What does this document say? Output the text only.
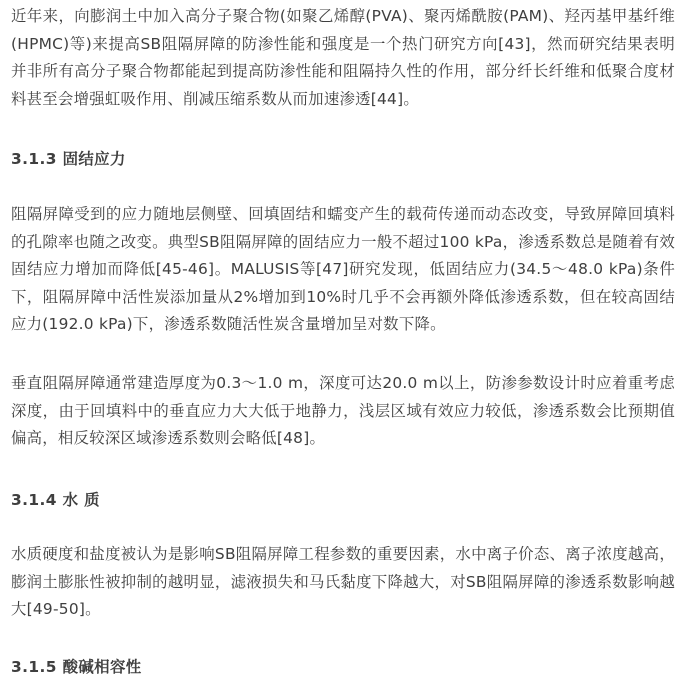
近年来，向膨润土中加入高分子聚合物(如聚乙烯醇(PVA)、聚丙烯酰胺(PAM)、羟丙基甲基纤维(HPMC)等)来提高SB阻隔屏障的防渗性能和强度是一个热门研究方向[43]，然而研究结果表明并非所有高分子聚合物都能起到提高防渗性能和阻隔持久性的作用，部分纤长纤维和低聚合度材料甚至会增强虹吸作用、削减压缩系数从而加速渗透[44]。

3.1.3 固结应力

阻隔屏障受到的应力随地层侧壁、回填固结和蠕变产生的载荷传递而动态改变，导致屏障回填料的孔隙率也随之改变。典型SB阻隔屏障的固结应力一般不超过100 kPa，渗透系数总是随着有效固结应力增加而降低[45-46]。MALUSIS等[47]研究发现，低固结应力(34.5～48.0 kPa)条件下，阻隔屏障中活性炭添加量从2%增加到10%时几乎不会再额外降低渗透系数，但在较高固结应力(192.0 kPa)下，渗透系数随活性炭含量增加呈对数下降。

垂直阻隔屏障通常建造厚度为0.3～1.0 m，深度可达20.0 m以上，防渗参数设计时应着重考虑深度，由于回填料中的垂直应力大大低于地静力，浅层区域有效应力较低，渗透系数会比预期值偏高，相反较深区域渗透系数则会略低[48]。

3.1.4 水 质

水质硬度和盐度被认为是影响SB阻隔屏障工程参数的重要因素，水中离子价态、离子浓度越高，膨润土膨胀性被抑制的越明显，滤液损失和马氏黏度下降越大，对SB阻隔屏障的渗透系数影响越大[49-50]。

3.1.5 酸碱相容性
